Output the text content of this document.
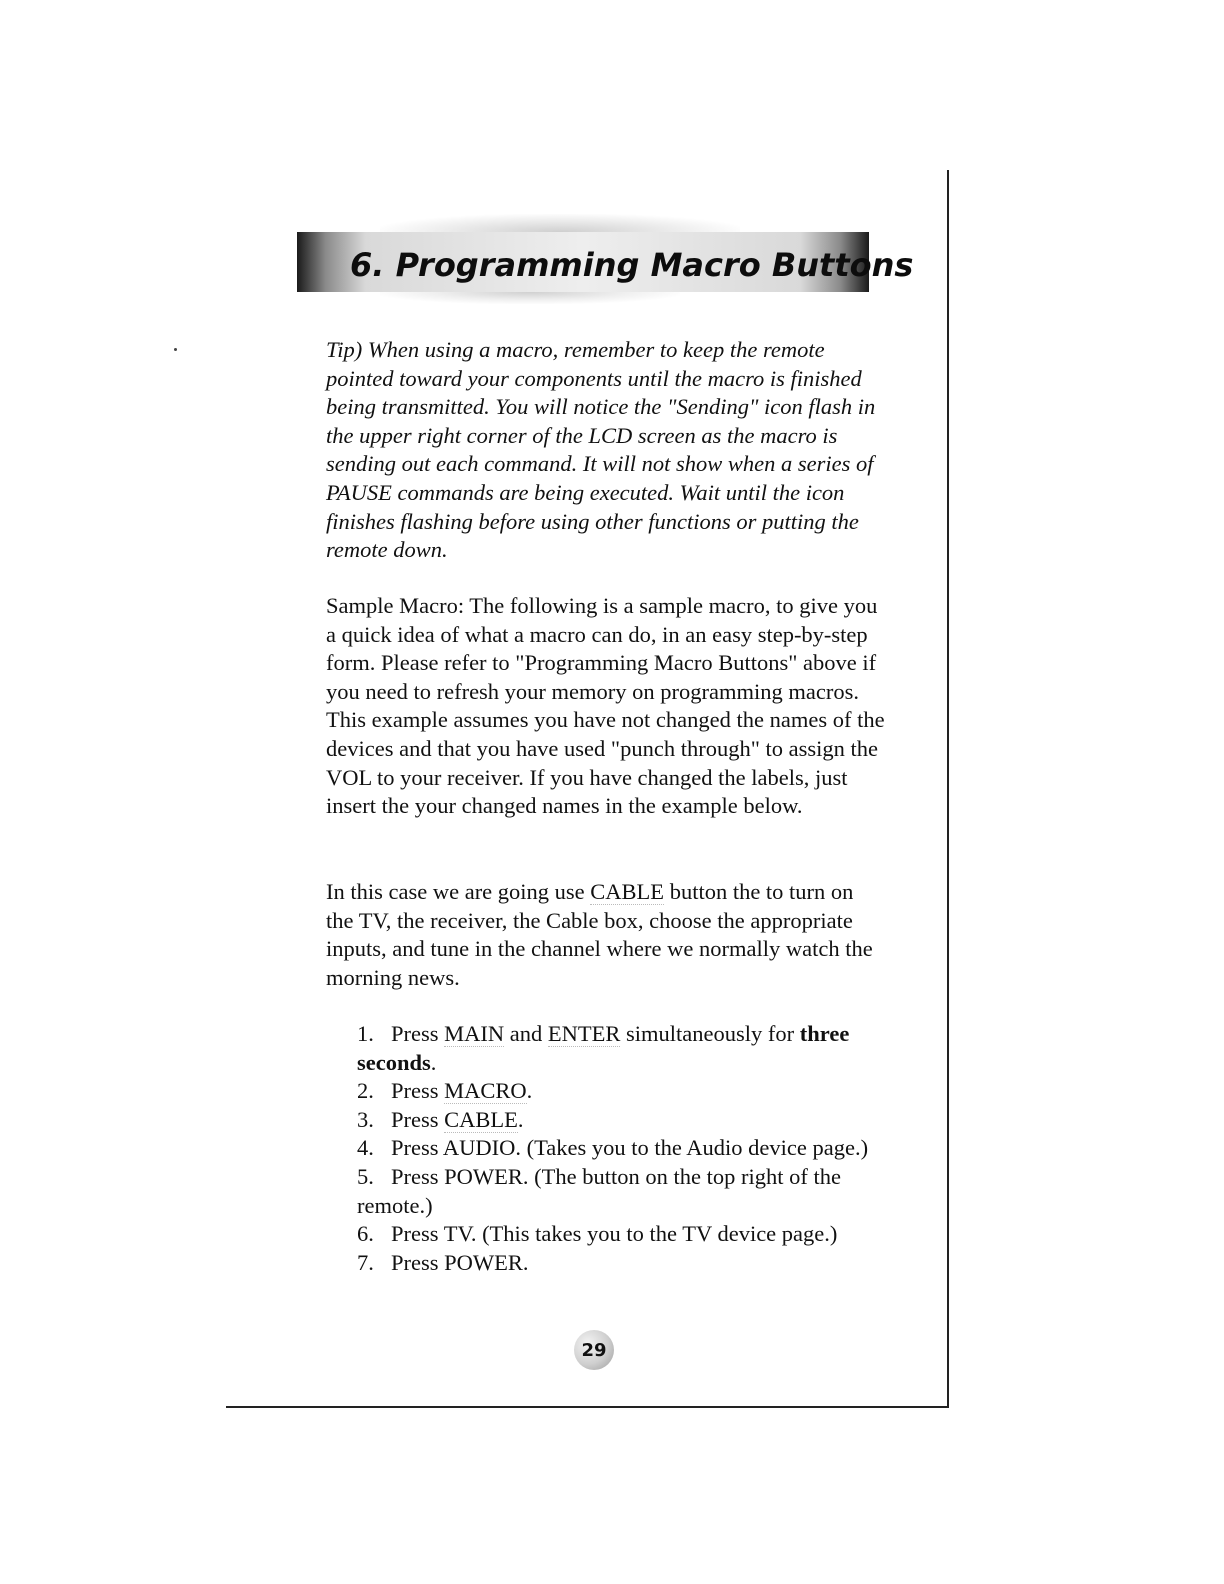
6. Programming Macro Buttons
Tip) When using a macro, remember to keep the remote pointed toward your components until the macro is finished being transmitted. You will notice the "Sending" icon flash in the upper right corner of the LCD screen as the macro is sending out each command. It will not show when a series of PAUSE commands are being executed. Wait until the icon finishes flashing before using other functions or putting the remote down.
Sample Macro: The following is a sample macro, to give you a quick idea of what a macro can do, in an easy step-by-step form. Please refer to "Programming Macro Buttons" above if you need to refresh your memory on programming macros. This example assumes you have not changed the names of the devices and that you have used "punch through" to assign the VOL to your receiver. If you have changed the labels, just insert the your changed names in the example below.
In this case we are going use CABLE button the to turn on the TV, the receiver, the Cable box, choose the appropriate inputs, and tune in the channel where we normally watch the morning news.
1. Press MAIN and ENTER simultaneously for three seconds.
2. Press MACRO.
3. Press CABLE.
4. Press AUDIO. (Takes you to the Audio device page.)
5. Press POWER. (The button on the top right of the remote.)
6. Press TV. (This takes you to the TV device page.)
7. Press POWER.
29
